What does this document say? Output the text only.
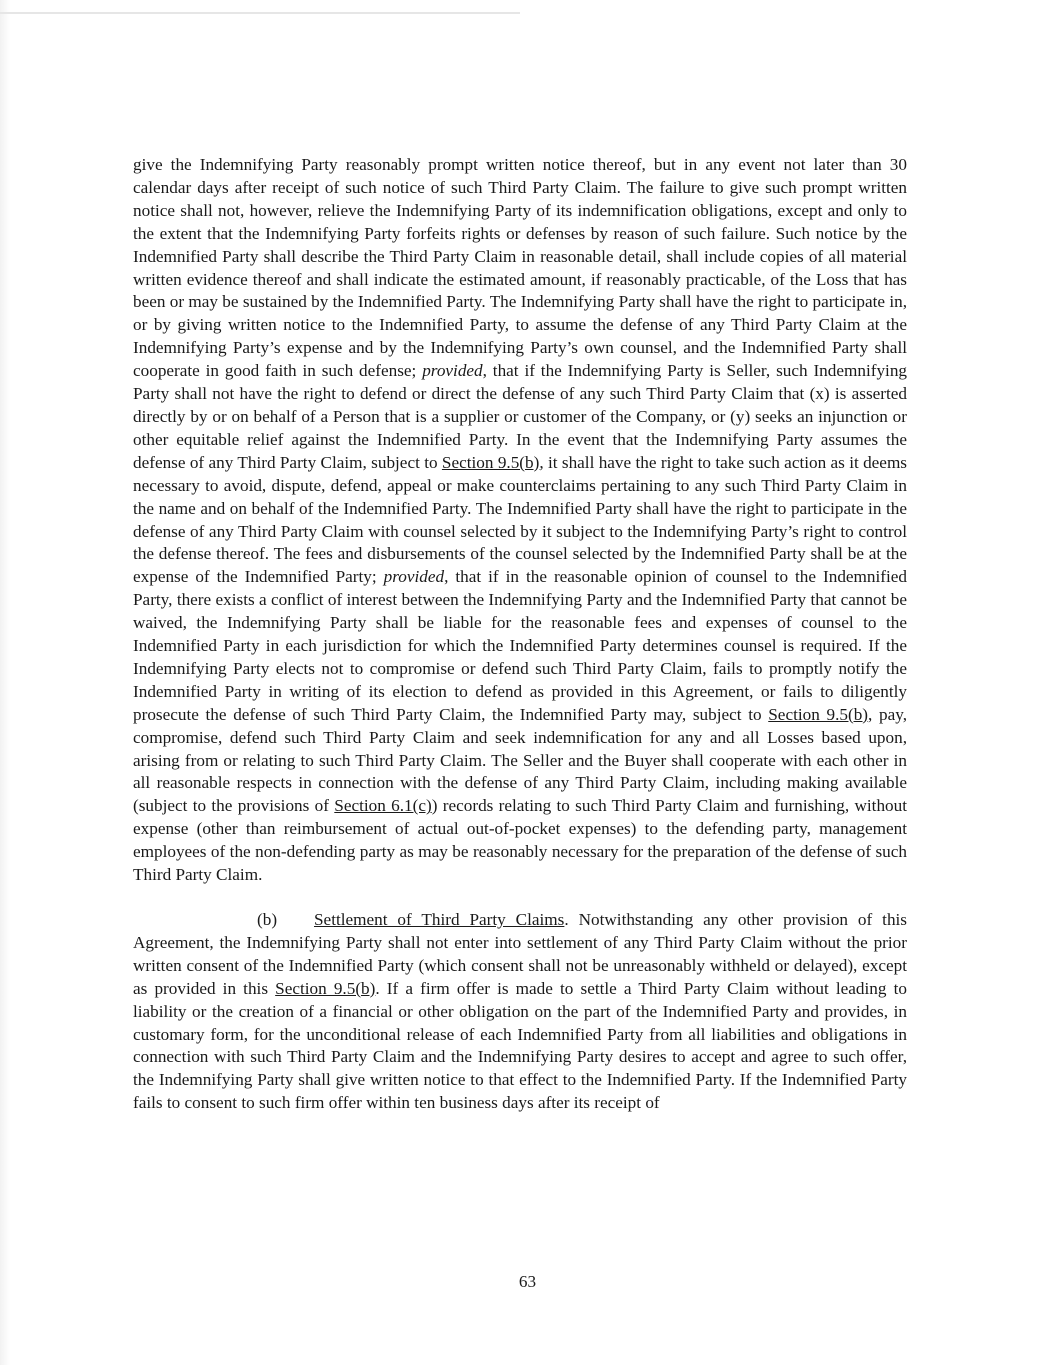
give the Indemnifying Party reasonably prompt written notice thereof, but in any event not later than 30 calendar days after receipt of such notice of such Third Party Claim. The failure to give such prompt written notice shall not, however, relieve the Indemnifying Party of its indemnification obligations, except and only to the extent that the Indemnifying Party forfeits rights or defenses by reason of such failure. Such notice by the Indemnified Party shall describe the Third Party Claim in reasonable detail, shall include copies of all material written evidence thereof and shall indicate the estimated amount, if reasonably practicable, of the Loss that has been or may be sustained by the Indemnified Party. The Indemnifying Party shall have the right to participate in, or by giving written notice to the Indemnified Party, to assume the defense of any Third Party Claim at the Indemnifying Party’s expense and by the Indemnifying Party’s own counsel, and the Indemnified Party shall cooperate in good faith in such defense; provided, that if the Indemnifying Party is Seller, such Indemnifying Party shall not have the right to defend or direct the defense of any such Third Party Claim that (x) is asserted directly by or on behalf of a Person that is a supplier or customer of the Company, or (y) seeks an injunction or other equitable relief against the Indemnified Party. In the event that the Indemnifying Party assumes the defense of any Third Party Claim, subject to Section 9.5(b), it shall have the right to take such action as it deems necessary to avoid, dispute, defend, appeal or make counterclaims pertaining to any such Third Party Claim in the name and on behalf of the Indemnified Party. The Indemnified Party shall have the right to participate in the defense of any Third Party Claim with counsel selected by it subject to the Indemnifying Party’s right to control the defense thereof. The fees and disbursements of the counsel selected by the Indemnified Party shall be at the expense of the Indemnified Party; provided, that if in the reasonable opinion of counsel to the Indemnified Party, there exists a conflict of interest between the Indemnifying Party and the Indemnified Party that cannot be waived, the Indemnifying Party shall be liable for the reasonable fees and expenses of counsel to the Indemnified Party in each jurisdiction for which the Indemnified Party determines counsel is required. If the Indemnifying Party elects not to compromise or defend such Third Party Claim, fails to promptly notify the Indemnified Party in writing of its election to defend as provided in this Agreement, or fails to diligently prosecute the defense of such Third Party Claim, the Indemnified Party may, subject to Section 9.5(b), pay, compromise, defend such Third Party Claim and seek indemnification for any and all Losses based upon, arising from or relating to such Third Party Claim. The Seller and the Buyer shall cooperate with each other in all reasonable respects in connection with the defense of any Third Party Claim, including making available (subject to the provisions of Section 6.1(c)) records relating to such Third Party Claim and furnishing, without expense (other than reimbursement of actual out-of-pocket expenses) to the defending party, management employees of the non-defending party as may be reasonably necessary for the preparation of the defense of such Third Party Claim.

(b) Settlement of Third Party Claims. Notwithstanding any other provision of this Agreement, the Indemnifying Party shall not enter into settlement of any Third Party Claim without the prior written consent of the Indemnified Party (which consent shall not be unreasonably withheld or delayed), except as provided in this Section 9.5(b). If a firm offer is made to settle a Third Party Claim without leading to liability or the creation of a financial or other obligation on the part of the Indemnified Party and provides, in customary form, for the unconditional release of each Indemnified Party from all liabilities and obligations in connection with such Third Party Claim and the Indemnifying Party desires to accept and agree to such offer, the Indemnifying Party shall give written notice to that effect to the Indemnified Party. If the Indemnified Party fails to consent to such firm offer within ten business days after its receipt of

63
